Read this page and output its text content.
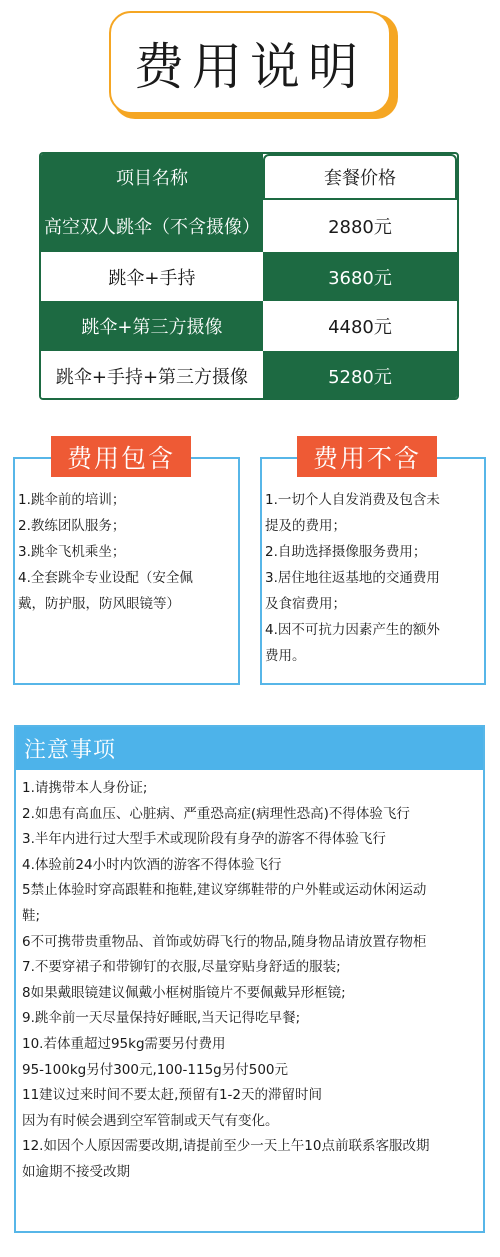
费用说明
项目名称	套餐价格
高空双人跳伞（不含摄像）	2880元
跳伞+手持	3680元
跳伞+第三方摄像	4480元
跳伞+手持+第三方摄像	5280元
费用包含
1.跳伞前的培训；
2.教练团队服务；
3.跳伞飞机乘坐；
4.全套跳伞专业设配（安全佩
戴，防护服，防风眼镜等）
费用不含
1.一切个人自发消费及包含未
提及的费用；
2.自助选择摄像服务费用；
3.居住地往返基地的交通费用
及食宿费用；
4.因不可抗力因素产生的额外
费用。
注意事项
1.请携带本人身份证;
2.如患有高血压、心脏病、严重恐高症(病理性恐高)不得体验飞行
3.半年内进行过大型手术或现阶段有身孕的游客不得体验飞行
4.体验前24小时内饮酒的游客不得体验飞行
5禁止体验时穿高跟鞋和拖鞋,建议穿绑鞋带的户外鞋或运动休闲运动
鞋;
6不可携带贵重物品、首饰或妨碍飞行的物品,随身物品请放置存物柜
7.不要穿裙子和带铆钉的衣服,尽量穿贴身舒适的服装;
8如果戴眼镜建议佩戴小框树脂镜片不要佩戴异形框镜;
9.跳伞前一天尽量保持好睡眠,当天记得吃早餐;
10.若体重超过95kg需要另付费用
95-100kg另付300元,100-115g另付500元
11建议过来时间不要太赶,预留有1-2天的滞留时间
因为有时候会遇到空军管制或天气有变化。
12.如因个人原因需要改期,请提前至少一天上午10点前联系客服改期
如逾期不接受改期
